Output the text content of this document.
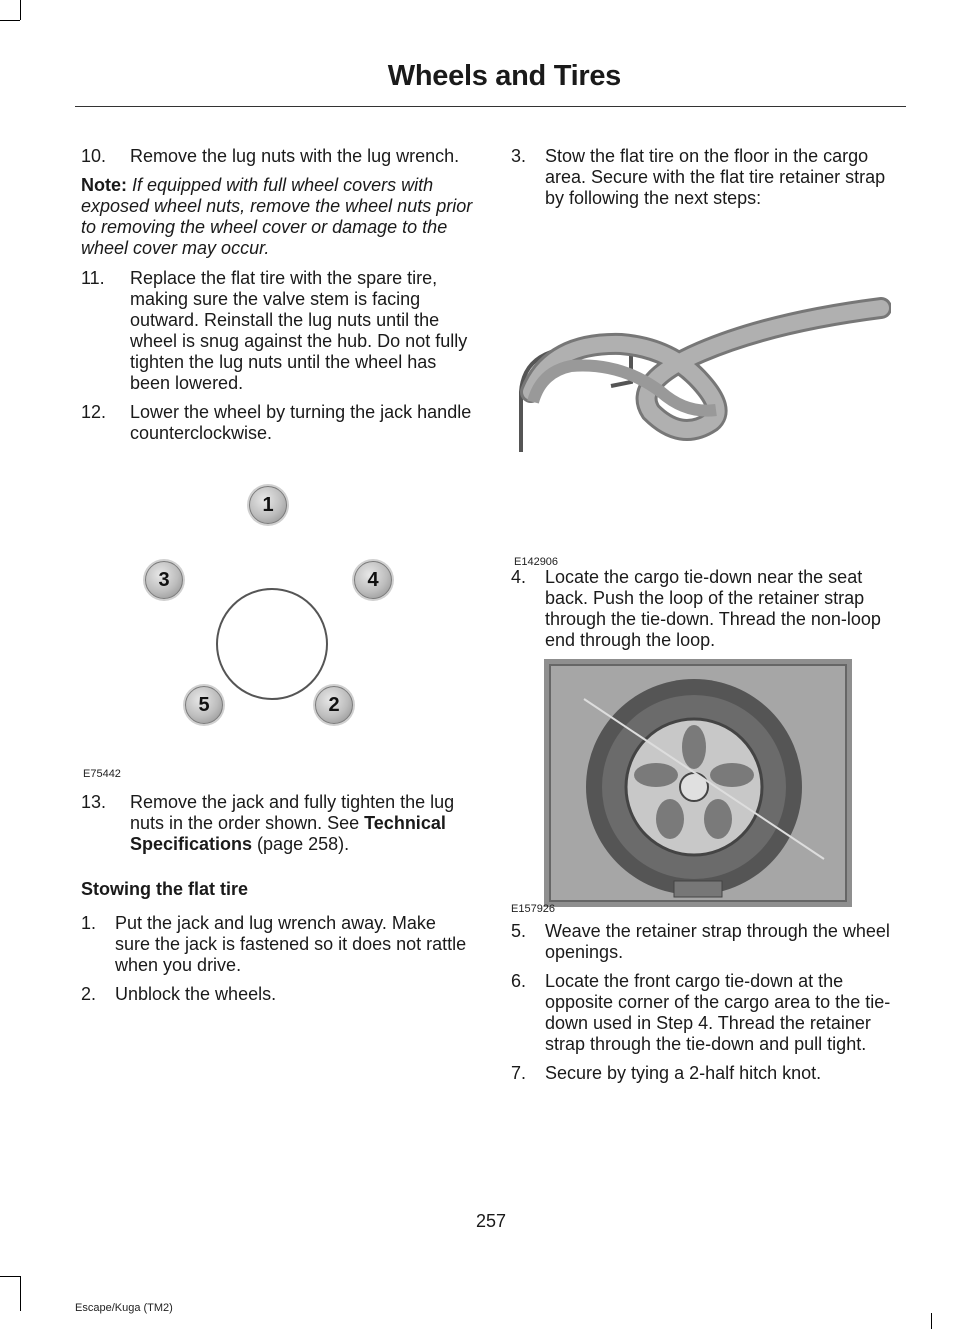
Wheels and Tires
10. Remove the lug nuts with the lug wrench.
Note: If equipped with full wheel covers with exposed wheel nuts, remove the wheel nuts prior to removing the wheel cover or damage to the wheel cover may occur.
11. Replace the flat tire with the spare tire, making sure the valve stem is facing outward. Reinstall the lug nuts until the wheel is snug against the hub. Do not fully tighten the lug nuts until the wheel has been lowered.
12. Lower the wheel by turning the jack handle counterclockwise.
1
3	4
5	2
E75442
13. Remove the jack and fully tighten the lug nuts in the order shown. See Technical Specifications (page 258).
Stowing the flat tire
1. Put the jack and lug wrench away. Make sure the jack is fastened so it does not rattle when you drive.
2. Unblock the wheels.
3. Stow the flat tire on the floor in the cargo area. Secure with the flat tire retainer strap by following the next steps:
E142906
4. Locate the cargo tie-down near the seat back. Push the loop of the retainer strap through the tie-down. Thread the non-loop end through the loop.
E157926
5. Weave the retainer strap through the wheel openings.
6. Locate the front cargo tie-down at the opposite corner of the cargo area to the tie-down used in Step 4. Thread the retainer strap through the tie-down and pull tight.
7. Secure by tying a 2-half hitch knot.
257
Escape/Kuga (TM2)
